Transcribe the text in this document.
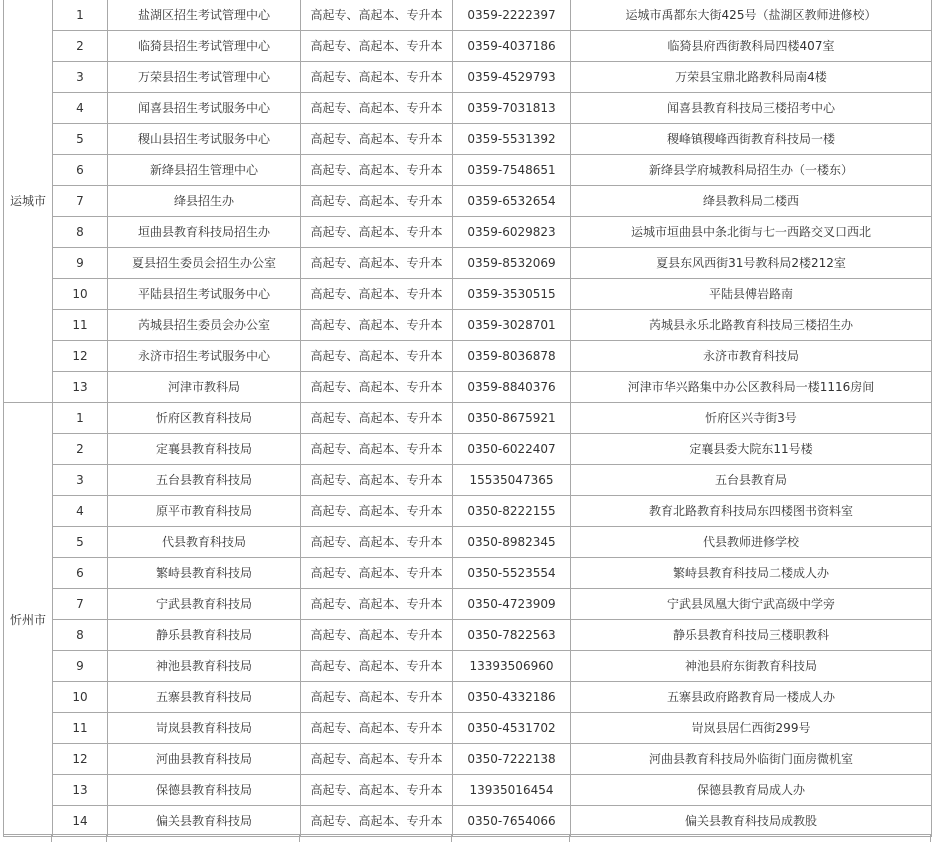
运城市	1	盐湖区招生考试管理中心	高起专、高起本、专升本	0359-2222397	运城市禹都东大街425号（盐湖区教师进修校）
	2	临猗县招生考试管理中心	高起专、高起本、专升本	0359-4037186	临猗县府西街教科局四楼407室
	3	万荣县招生考试管理中心	高起专、高起本、专升本	0359-4529793	万荣县宝鼎北路教科局南4楼
	4	闻喜县招生考试服务中心	高起专、高起本、专升本	0359-7031813	闻喜县教育科技局三楼招考中心
	5	稷山县招生考试服务中心	高起专、高起本、专升本	0359-5531392	稷峰镇稷峰西街教育科技局一楼
	6	新绛县招生管理中心	高起专、高起本、专升本	0359-7548651	新绛县学府城教科局招生办（一楼东）
	7	绛县招生办	高起专、高起本、专升本	0359-6532654	绛县教科局二楼西
	8	垣曲县教育科技局招生办	高起专、高起本、专升本	0359-6029823	运城市垣曲县中条北街与七一西路交叉口西北
	9	夏县招生委员会招生办公室	高起专、高起本、专升本	0359-8532069	夏县东风西街31号教科局2楼212室
	10	平陆县招生考试服务中心	高起专、高起本、专升本	0359-3530515	平陆县傅岩路南
	11	芮城县招生委员会办公室	高起专、高起本、专升本	0359-3028701	芮城县永乐北路教育科技局三楼招生办
	12	永济市招生考试服务中心	高起专、高起本、专升本	0359-8036878	永济市教育科技局
	13	河津市教科局	高起专、高起本、专升本	0359-8840376	河津市华兴路集中办公区教科局一楼1116房间
忻州市	1	忻府区教育科技局	高起专、高起本、专升本	0350-8675921	忻府区兴寺街3号
	2	定襄县教育科技局	高起专、高起本、专升本	0350-6022407	定襄县委大院东11号楼
	3	五台县教育科技局	高起专、高起本、专升本	15535047365	五台县教育局
	4	原平市教育科技局	高起专、高起本、专升本	0350-8222155	教育北路教育科技局东四楼图书资料室
	5	代县教育科技局	高起专、高起本、专升本	0350-8982345	代县教师进修学校
	6	繁峙县教育科技局	高起专、高起本、专升本	0350-5523554	繁峙县教育科技局二楼成人办
	7	宁武县教育科技局	高起专、高起本、专升本	0350-4723909	宁武县凤凰大街宁武高级中学旁
	8	静乐县教育科技局	高起专、高起本、专升本	0350-7822563	静乐县教育科技局三楼职教科
	9	神池县教育科技局	高起专、高起本、专升本	13393506960	神池县府东街教育科技局
	10	五寨县教育科技局	高起专、高起本、专升本	0350-4332186	五寨县政府路教育局一楼成人办
	11	岢岚县教育科技局	高起专、高起本、专升本	0350-4531702	岢岚县居仁西街299号
	12	河曲县教育科技局	高起专、高起本、专升本	0350-7222138	河曲县教育科技局外临街门面房微机室
	13	保德县教育科技局	高起专、高起本、专升本	13935016454	保德县教育局成人办
	14	偏关县教育科技局	高起专、高起本、专升本	0350-7654066	偏关县教育科技局成教股
